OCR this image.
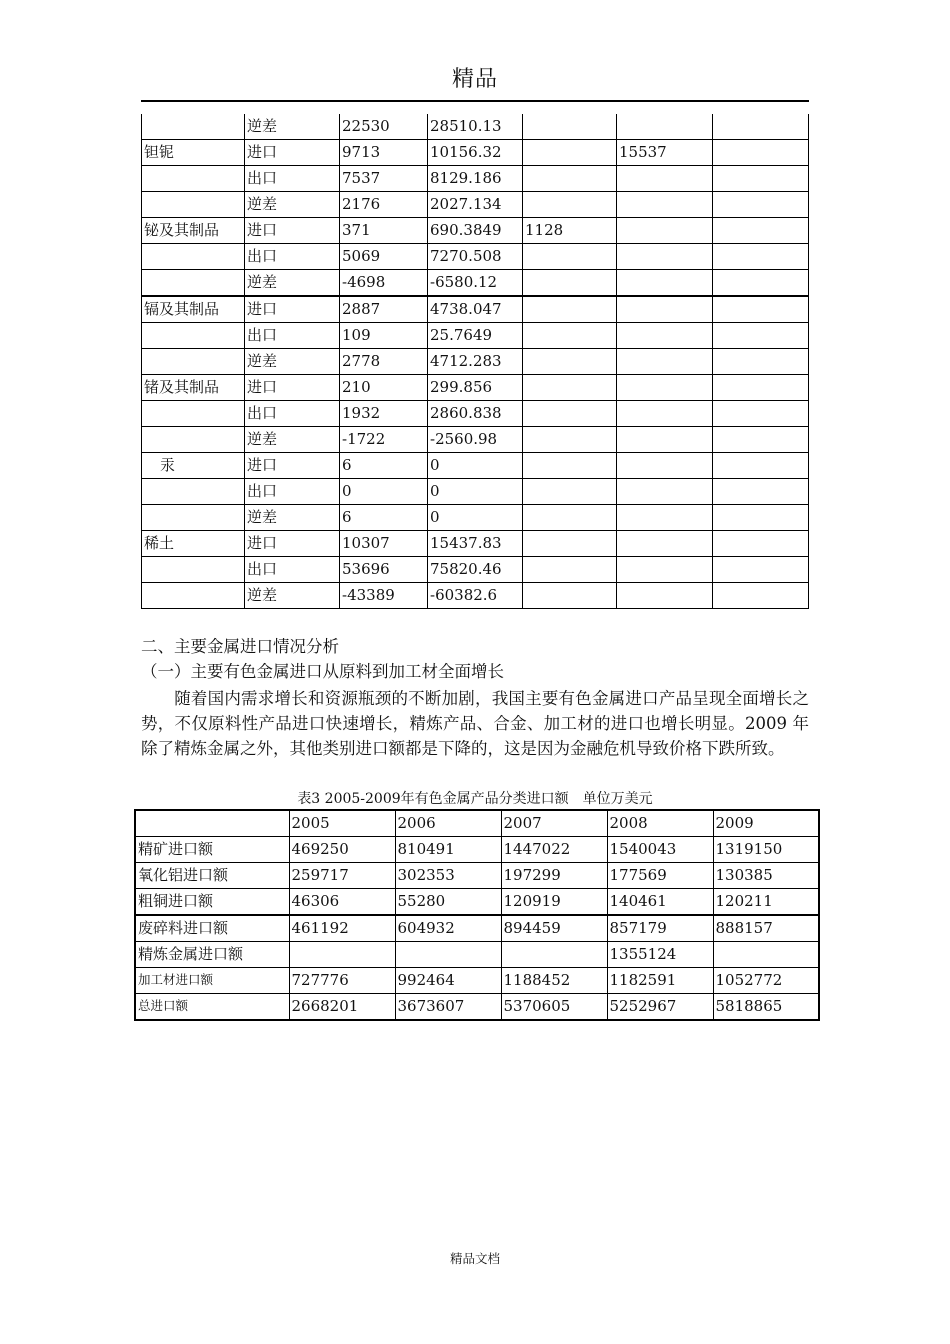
精品
	逆差	22530	28510.13			
钽铌	进口	9713	10156.32		15537	
	出口	7537	8129.186			
	逆差	2176	2027.134			
铋及其制品	进口	371	690.3849	1128		
	出口	5069	7270.508			
	逆差	-4698	-6580.12			
镉及其制品	进口	2887	4738.047			
	出口	109	25.7649			
	逆差	2778	4712.283			
锗及其制品	进口	210	299.856			
	出口	1932	2860.838			
	逆差	-1722	-2560.98			
汞	进口	6	0			
	出口	0	0			
	逆差	6	0			
稀土	进口	10307	15437.83			
	出口	53696	75820.46			
	逆差	-43389	-60382.6			
二、主要金属进口情况分析
（一）主要有色金属进口从原料到加工材全面增长
随着国内需求增长和资源瓶颈的不断加剧，我国主要有色金属进口产品呈现全面增长之势，不仅原料性产品进口快速增长，精炼产品、合金、加工材的进口也增长明显。2009 年除了精炼金属之外，其他类别进口额都是下降的，这是因为金融危机导致价格下跌所致。
表3 2005-2009年有色金属产品分类进口额　单位万美元
	2005	2006	2007	2008	2009
精矿进口额	469250	810491	1447022	1540043	1319150
氧化铝进口额	259717	302353	197299	177569	130385
粗铜进口额	46306	55280	120919	140461	120211
废碎料进口额	461192	604932	894459	857179	888157
精炼金属进口额				1355124	
加工材进口额	727776	992464	1188452	1182591	1052772
总进口额	2668201	3673607	5370605	5252967	5818865
精品文档
